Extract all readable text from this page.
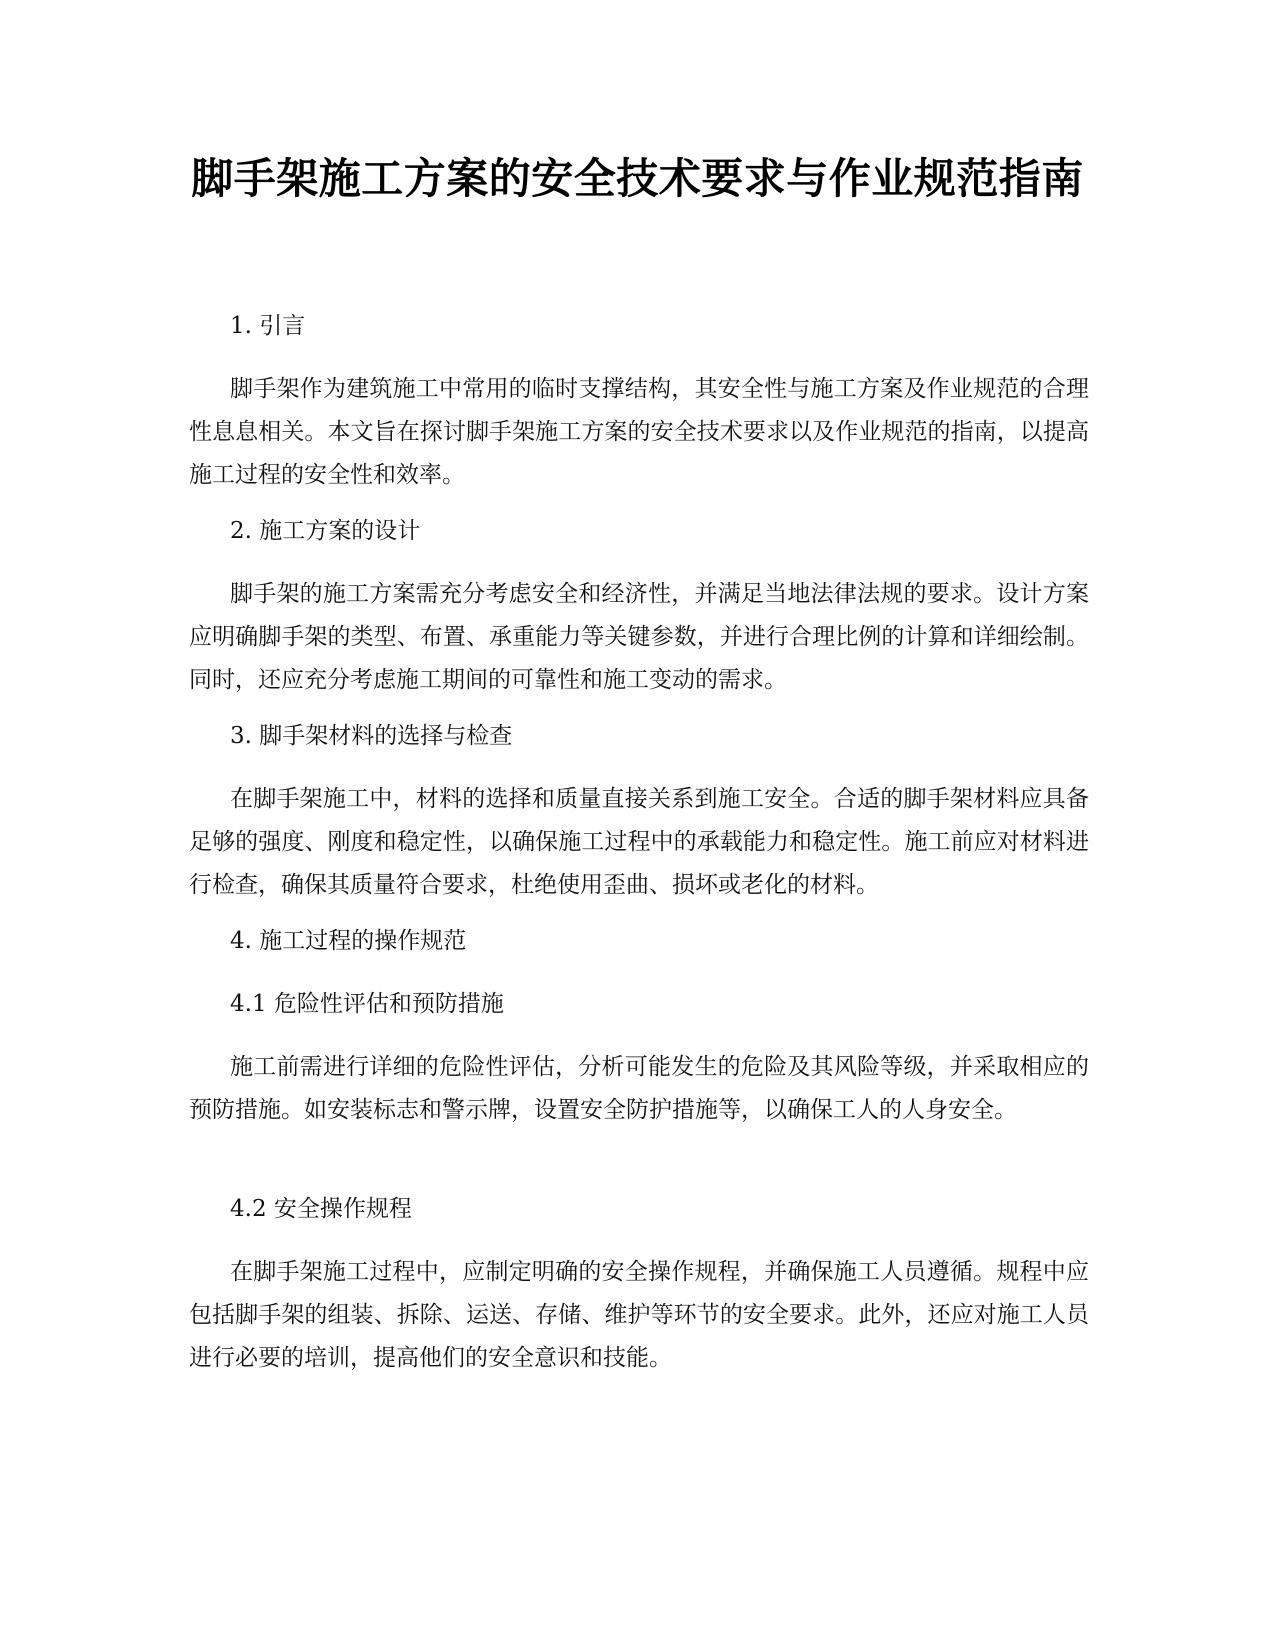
脚手架施工方案的安全技术要求与作业规范指南

1. 引言

脚手架作为建筑施工中常用的临时支撑结构，其安全性与施工方案及作业规范的合理性息息相关。本文旨在探讨脚手架施工方案的安全技术要求以及作业规范的指南，以提高施工过程的安全性和效率。

2. 施工方案的设计

脚手架的施工方案需充分考虑安全和经济性，并满足当地法律法规的要求。设计方案应明确脚手架的类型、布置、承重能力等关键参数，并进行合理比例的计算和详细绘制。同时，还应充分考虑施工期间的可靠性和施工变动的需求。

3. 脚手架材料的选择与检查

在脚手架施工中，材料的选择和质量直接关系到施工安全。合适的脚手架材料应具备足够的强度、刚度和稳定性，以确保施工过程中的承载能力和稳定性。施工前应对材料进行检查，确保其质量符合要求，杜绝使用歪曲、损坏或老化的材料。

4. 施工过程的操作规范

4.1 危险性评估和预防措施

施工前需进行详细的危险性评估，分析可能发生的危险及其风险等级，并采取相应的预防措施。如安装标志和警示牌，设置安全防护措施等，以确保工人的人身安全。

4.2 安全操作规程

在脚手架施工过程中，应制定明确的安全操作规程，并确保施工人员遵循。规程中应包括脚手架的组装、拆除、运送、存储、维护等环节的安全要求。此外，还应对施工人员进行必要的培训，提高他们的安全意识和技能。
